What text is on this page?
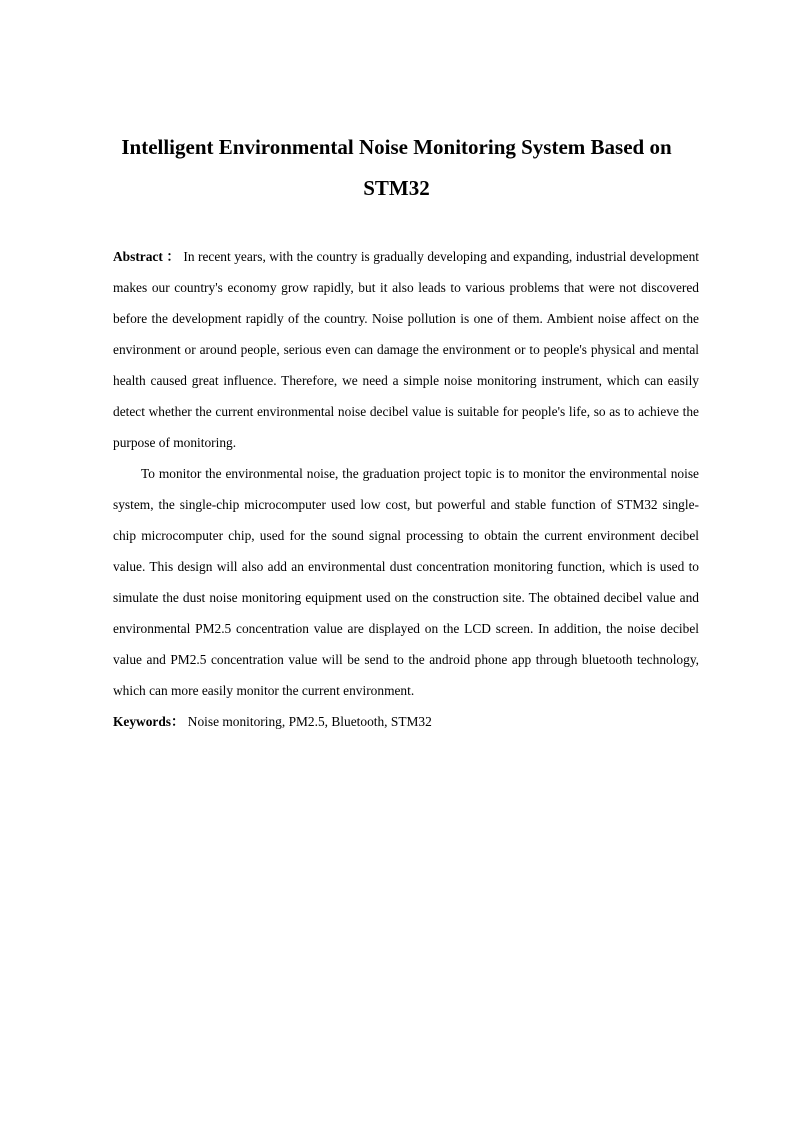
Intelligent Environmental Noise Monitoring System Based on
STM32

Abstract ： In recent years, with the country is gradually developing and expanding, industrial development makes our country's economy grow rapidly, but it also leads to various problems that were not discovered before the development rapidly of the country. Noise pollution is one of them. Ambient noise affect on the environment or around people, serious even can damage the environment or to people's physical and mental health caused great influence. Therefore, we need a simple noise monitoring instrument, which can easily detect whether the current environmental noise decibel value is suitable for people's life, so as to achieve the purpose of monitoring.

To monitor the environmental noise, the graduation project topic is to monitor the environmental noise system, the single-chip microcomputer used low cost, but powerful and stable function of STM32 single-chip microcomputer chip, used for the sound signal processing to obtain the current environment decibel value. This design will also add an environmental dust concentration monitoring function, which is used to simulate the dust noise monitoring equipment used on the construction site. The obtained decibel value and environmental PM2.5 concentration value are displayed on the LCD screen. In addition, the noise decibel value and PM2.5 concentration value will be send to the android phone app through bluetooth technology, which can more easily monitor the current environment.

Keywords： Noise monitoring, PM2.5, Bluetooth, STM32
